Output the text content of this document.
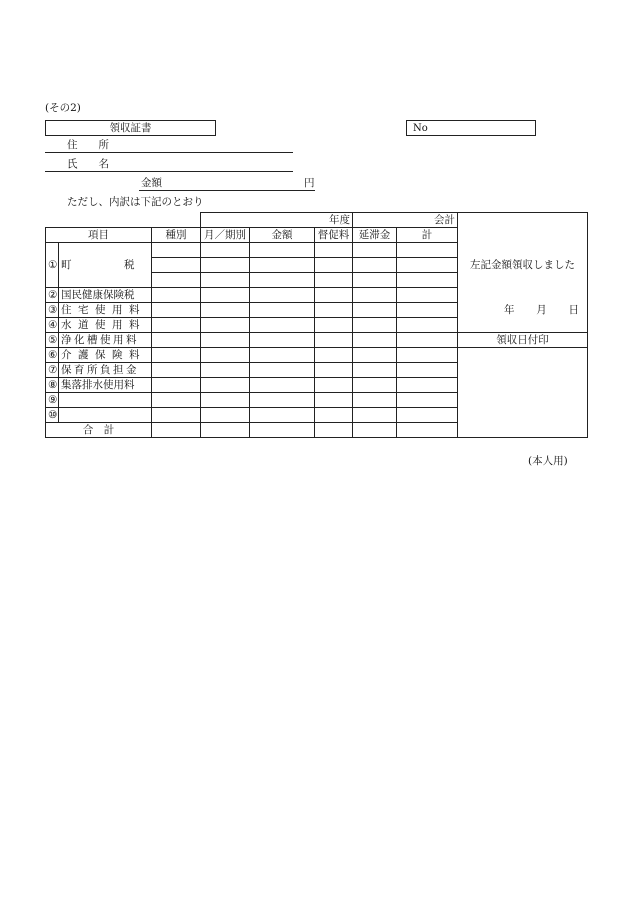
(その2)
領収証書	No
住　　所
氏　　名
金額	円
ただし、内訳は下記のとおり
			年度			会計		
項目		種別	月／期別	金額	督促料	延滞金	計	

①	町　　　　　税							左記金額領収しました

②	国民健康保険税							
③	住宅使用料							年 月 日

④	水道使用料							
⑤	浄化槽使用料							領収日付印
⑥	介護保険料							
⑦	保育所負担金							
⑧	集落排水使用料							
⑨								
⑩								
合　計								
(本人用)
